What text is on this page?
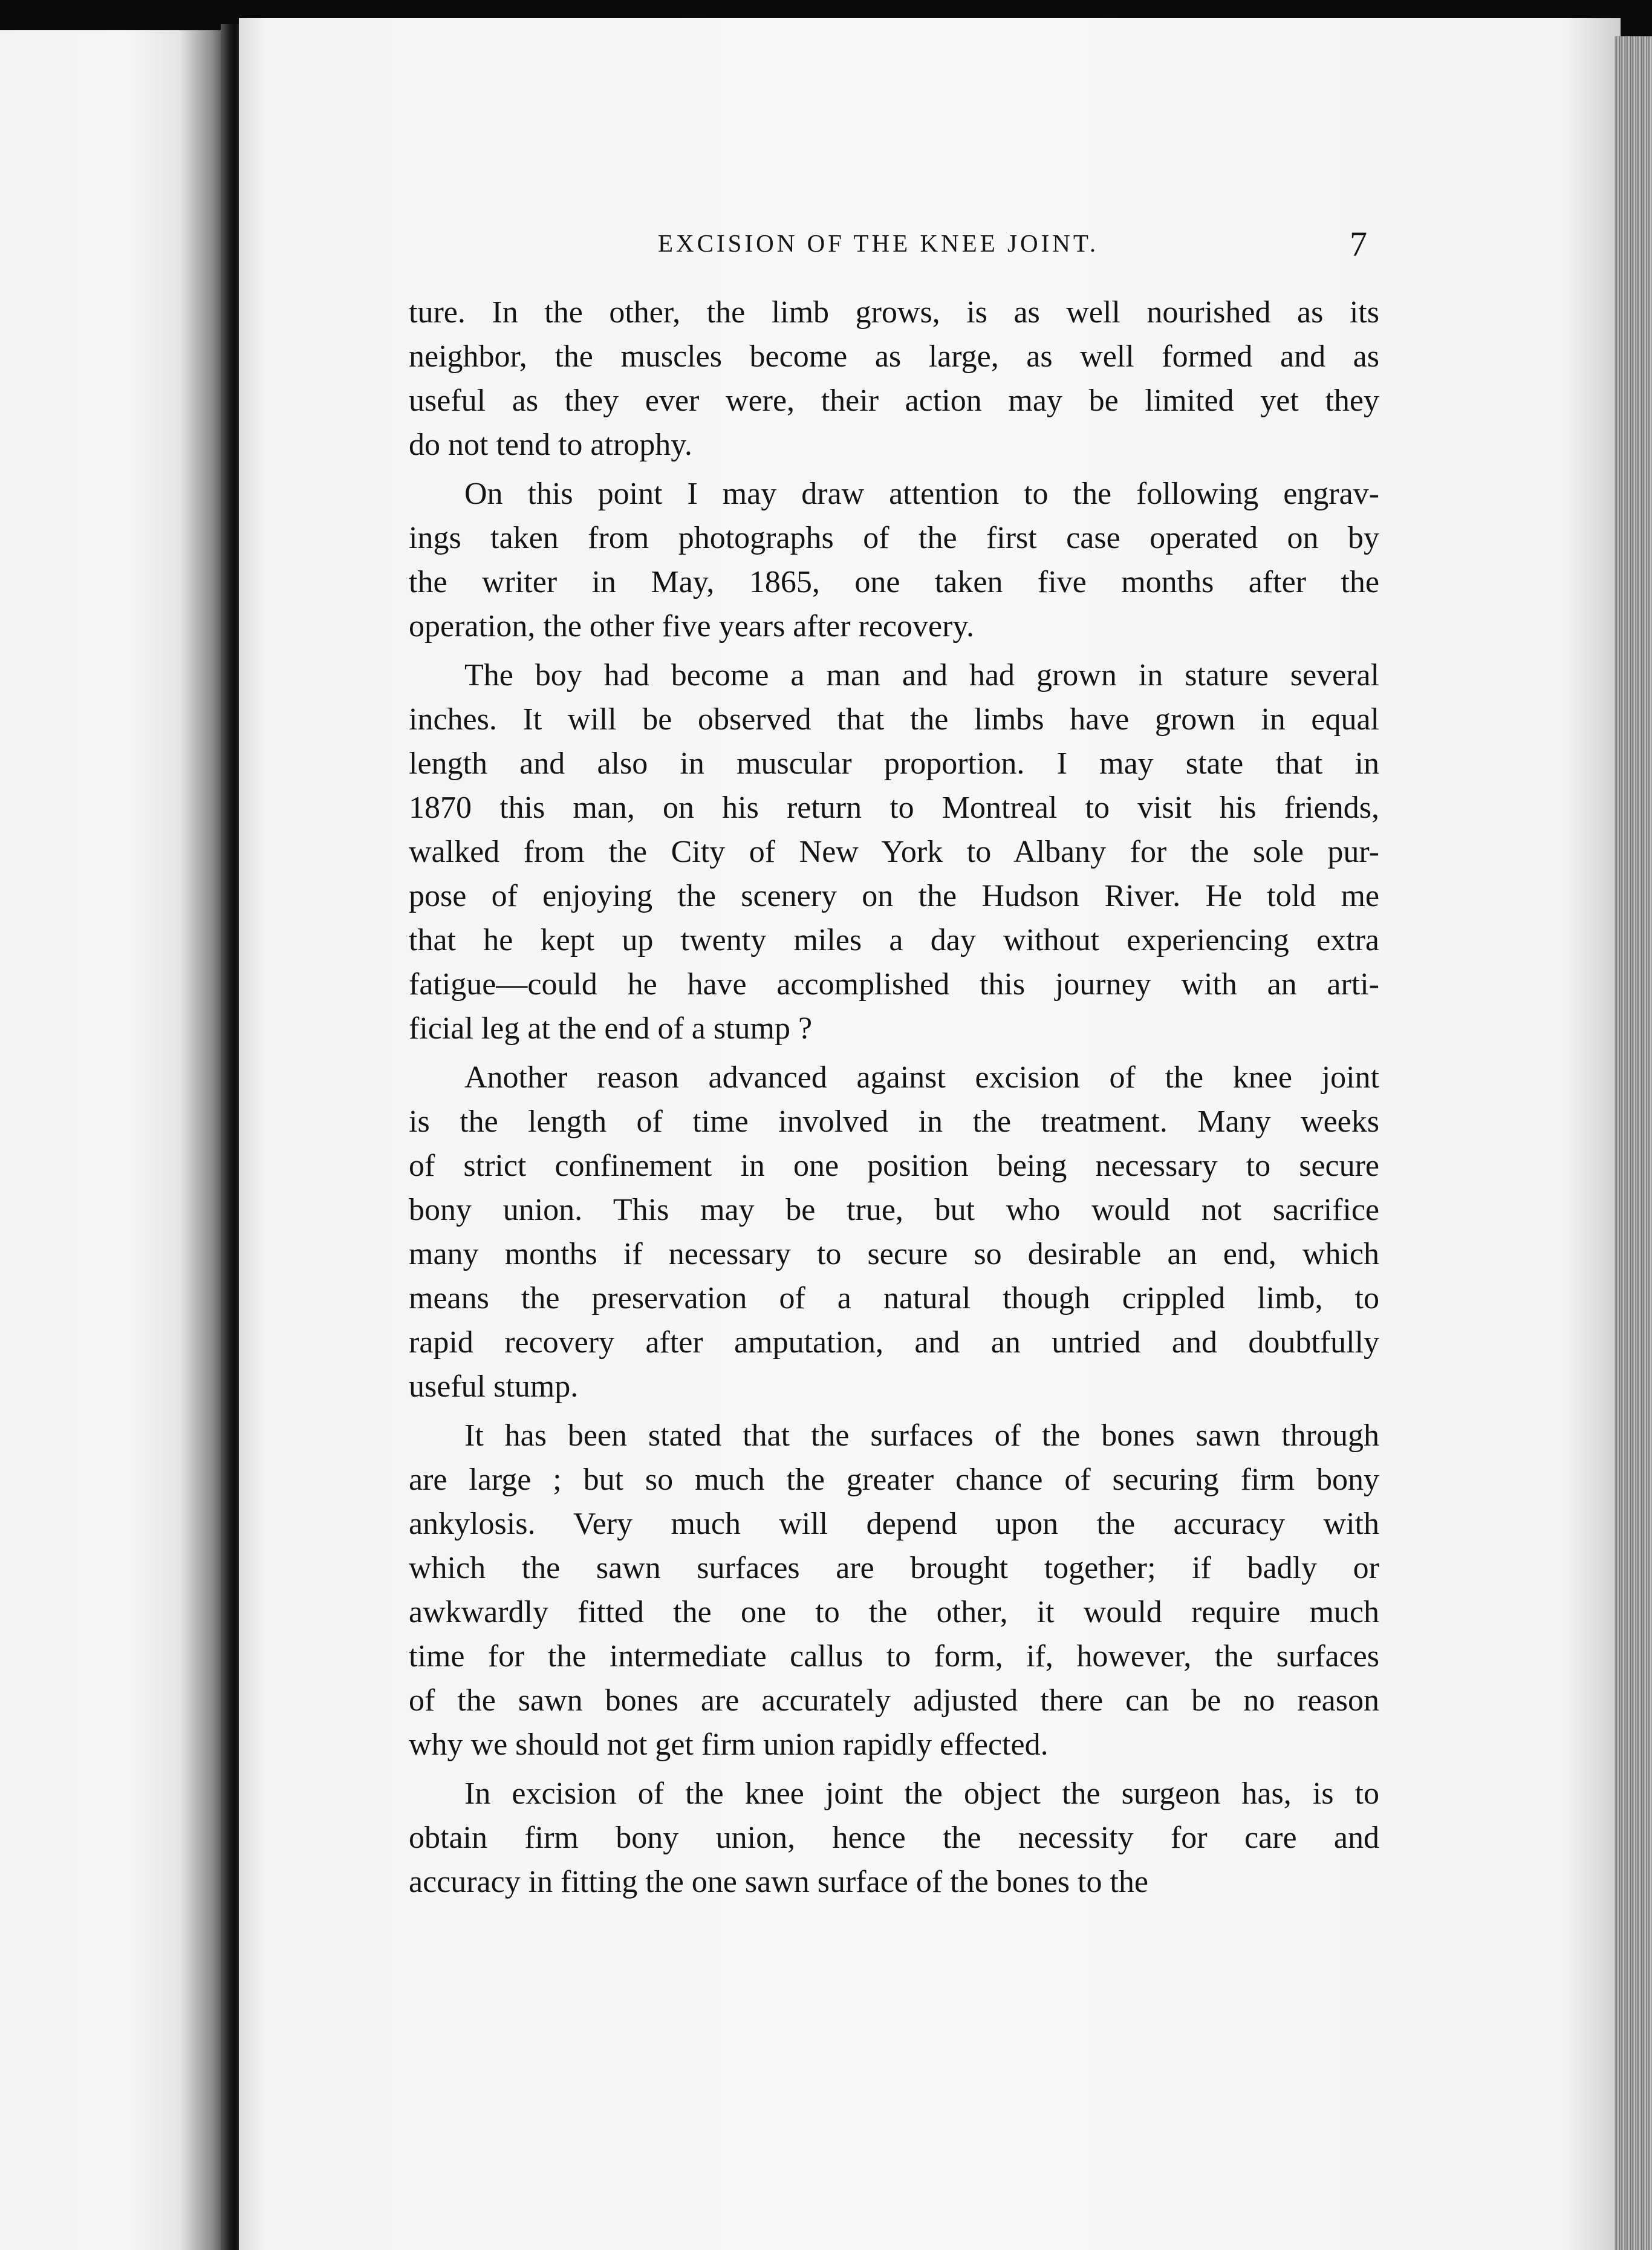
EXCISION OF THE KNEE JOINT.	7
ture. In the other, the limb grows, is as well nourished as its
neighbor, the muscles become as large, as well formed and as
useful as they ever were, their action may be limited yet they
do not tend to atrophy.
On this point I may draw attention to the following engrav-
ings taken from photographs of the first case operated on by
the writer in May, 1865, one taken five months after the
operation, the other five years after recovery.
The boy had become a man and had grown in stature several
inches. It will be observed that the limbs have grown in equal
length and also in muscular proportion. I may state that in
1870 this man, on his return to Montreal to visit his friends,
walked from the City of New York to Albany for the sole pur-
pose of enjoying the scenery on the Hudson River. He told me
that he kept up twenty miles a day without experiencing extra
fatigue—could he have accomplished this journey with an arti-
ficial leg at the end of a stump ?
Another reason advanced against excision of the knee joint
is the length of time involved in the treatment. Many weeks
of strict confinement in one position being necessary to secure
bony union. This may be true, but who would not sacrifice
many months if necessary to secure so desirable an end, which
means the preservation of a natural though crippled limb, to
rapid recovery after amputation, and an untried and doubtfully
useful stump.
It has been stated that the surfaces of the bones sawn through
are large ; but so much the greater chance of securing firm bony
ankylosis. Very much will depend upon the accuracy with
which the sawn surfaces are brought together; if badly or
awkwardly fitted the one to the other, it would require much
time for the intermediate callus to form, if, however, the surfaces
of the sawn bones are accurately adjusted there can be no reason
why we should not get firm union rapidly effected.
In excision of the knee joint the object the surgeon has, is to
obtain firm bony union, hence the necessity for care and
accuracy in fitting the one sawn surface of the bones to the
